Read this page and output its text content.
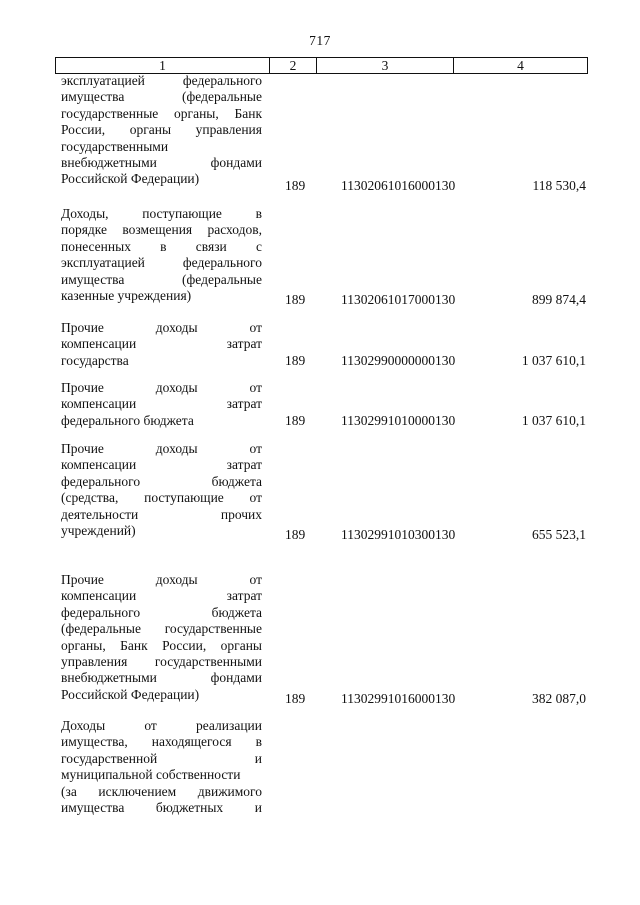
717
1	2	3	4
эксплуатацией федерального
имущества (федеральные
государственные органы, Банк
России, органы управления
государственными
внебюджетными фондами
Российской Федерации)	189	11302061016000130	118 530,4
Доходы, поступающие в
порядке возмещения расходов,
понесенных в связи с
эксплуатацией федерального
имущества (федеральные
казенные учреждения)	189	11302061017000130	899 874,4
Прочие доходы от
компенсации затрат
государства	189	11302990000000130	1 037 610,1
Прочие доходы от
компенсации затрат
федерального бюджета	189	11302991010000130	1 037 610,1
Прочие доходы от
компенсации затрат
федерального бюджета
(средства, поступающие от
деятельности прочих
учреждений)	189	11302991010300130	655 523,1
Прочие доходы от
компенсации затрат
федерального бюджета
(федеральные государственные
органы, Банк России, органы
управления государственными
внебюджетными фондами
Российской Федерации)	189	11302991016000130	382 087,0
Доходы от реализации
имущества, находящегося в
государственной и
муниципальной собственности
(за исключением движимого
имущества бюджетных и
